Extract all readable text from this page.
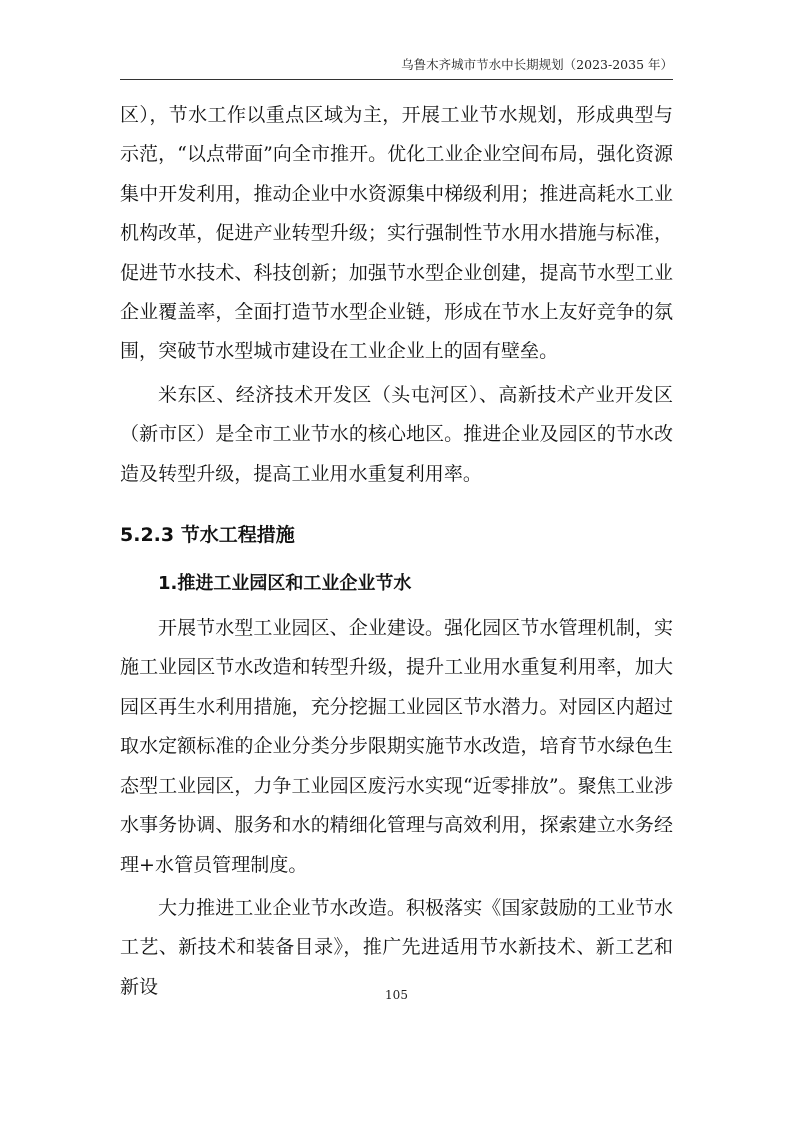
乌鲁木齐城市节水中长期规划（2023-2035 年）

区），节水工作以重点区域为主，开展工业节水规划，形成典型与示范，“以点带面”向全市推开。优化工业企业空间布局，强化资源集中开发利用，推动企业中水资源集中梯级利用；推进高耗水工业机构改革，促进产业转型升级；实行强制性节水用水措施与标准，促进节水技术、科技创新；加强节水型企业创建，提高节水型工业企业覆盖率，全面打造节水型企业链，形成在节水上友好竞争的氛围，突破节水型城市建设在工业企业上的固有壁垒。

米东区、经济技术开发区（头屯河区）、高新技术产业开发区（新市区）是全市工业节水的核心地区。推进企业及园区的节水改造及转型升级，提高工业用水重复利用率。

5.2.3 节水工程措施
1.推进工业园区和工业企业节水

开展节水型工业园区、企业建设。强化园区节水管理机制，实施工业园区节水改造和转型升级，提升工业用水重复利用率，加大园区再生水利用措施，充分挖掘工业园区节水潜力。对园区内超过取水定额标准的企业分类分步限期实施节水改造，培育节水绿色生态型工业园区，力争工业园区废污水实现“近零排放”。聚焦工业涉水事务协调、服务和水的精细化管理与高效利用，探索建立水务经理+水管员管理制度。

大力推进工业企业节水改造。积极落实《国家鼓励的工业节水工艺、新技术和装备目录》，推广先进适用节水新技术、新工艺和新设	105
